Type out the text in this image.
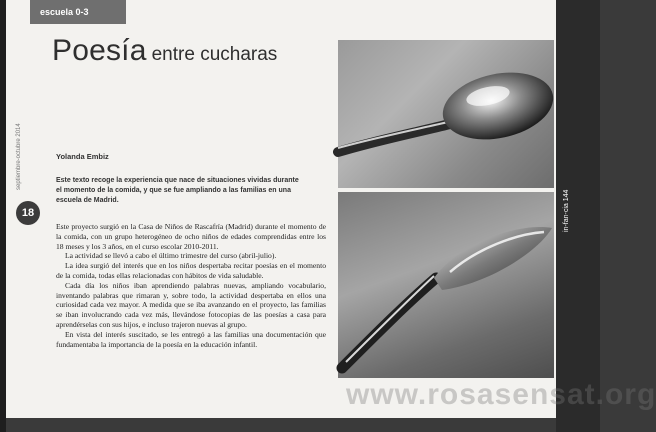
escuela 0-3
Poesía entre cucharas
Yolanda Embiz
Este texto recoge la experiencia que nace de situaciones vividas durante el momento de la comida, y que se fue ampliando a las familias en una escuela de Madrid.
septiembre-octubre 2014
18

Este proyecto surgió en la Casa de Niños de Rascafría (Madrid) durante el momento de la comida, con un grupo heterogéneo de ocho niños de edades comprendidas entre los 18 meses y los 3 años, en el curso escolar 2010-2011.

La actividad se llevó a cabo el último trimestre del curso (abril-julio).

La idea surgió del interés que en los niños despertaba recitar poesías en el momento de la comida, todas ellas relacionadas con hábitos de vida saludable.

Cada día los niños iban aprendiendo palabras nuevas, ampliando vocabulario, inventando palabras que rimaran y, sobre todo, la actividad despertaba en ellos una curiosidad cada vez mayor. A medida que se iba avanzando en el proyecto, las familias se iban involucrando cada vez más, llevándose fotocopias de las poesías a casa para aprendérselas con sus hijos, e incluso trajeron nuevas al grupo.

En vista del interés suscitado, se les entregó a las familias una documentación que fundamentaba la importancia de la poesía en la educación infantil.

www.rosasensat.org
in-fan-cia 144
